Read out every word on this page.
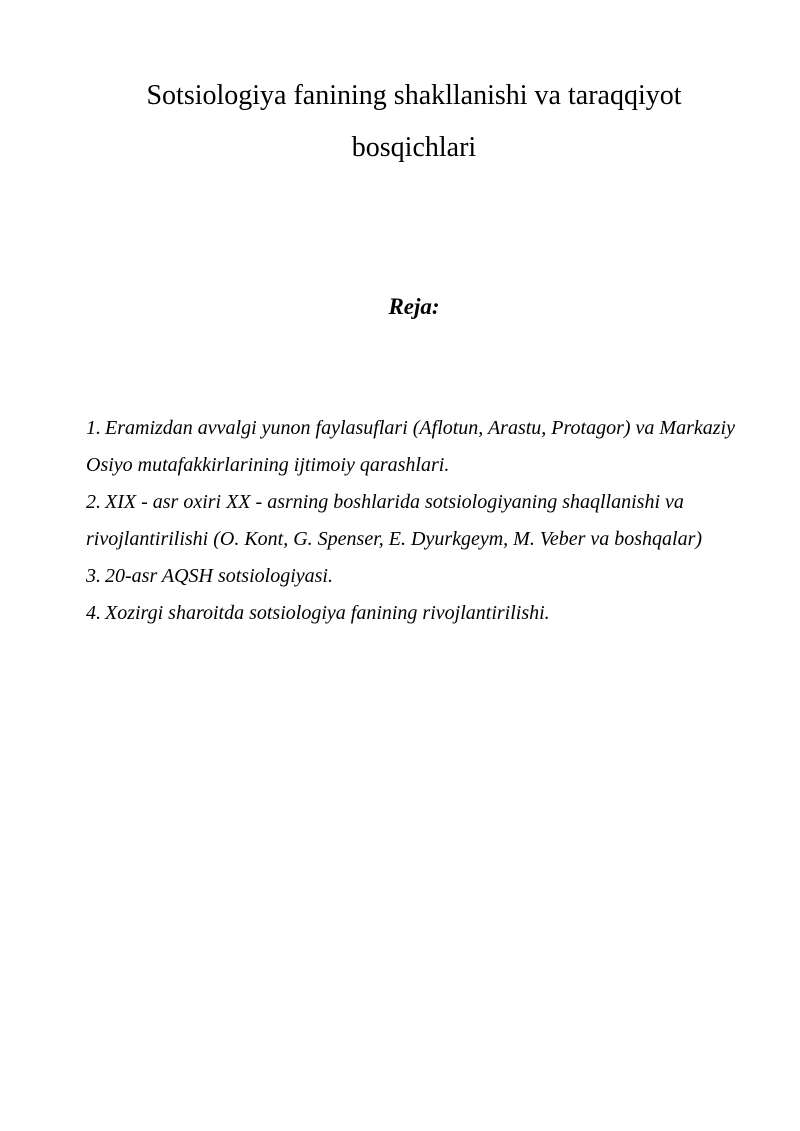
Sotsiologiya fanining shakllanishi va taraqqiyot
bosqichlari

Reja:

1. Eramizdan avvalgi yunon faylasuflari (Aflotun, Arastu, Protagor) va Markaziy Osiyo mutafakkirlarining ijtimoiy qarashlari.
2. XIX - asr oxiri XX - asrning boshlarida sotsiologiyaning shaqllanishi va rivojlantirilishi (O. Kont, G. Spenser, E. Dyurkgeym, M. Veber va boshqalar)
3. 20-asr AQSH sotsiologiyasi.
4. Xozirgi sharoitda sotsiologiya fanining rivojlantirilishi.
